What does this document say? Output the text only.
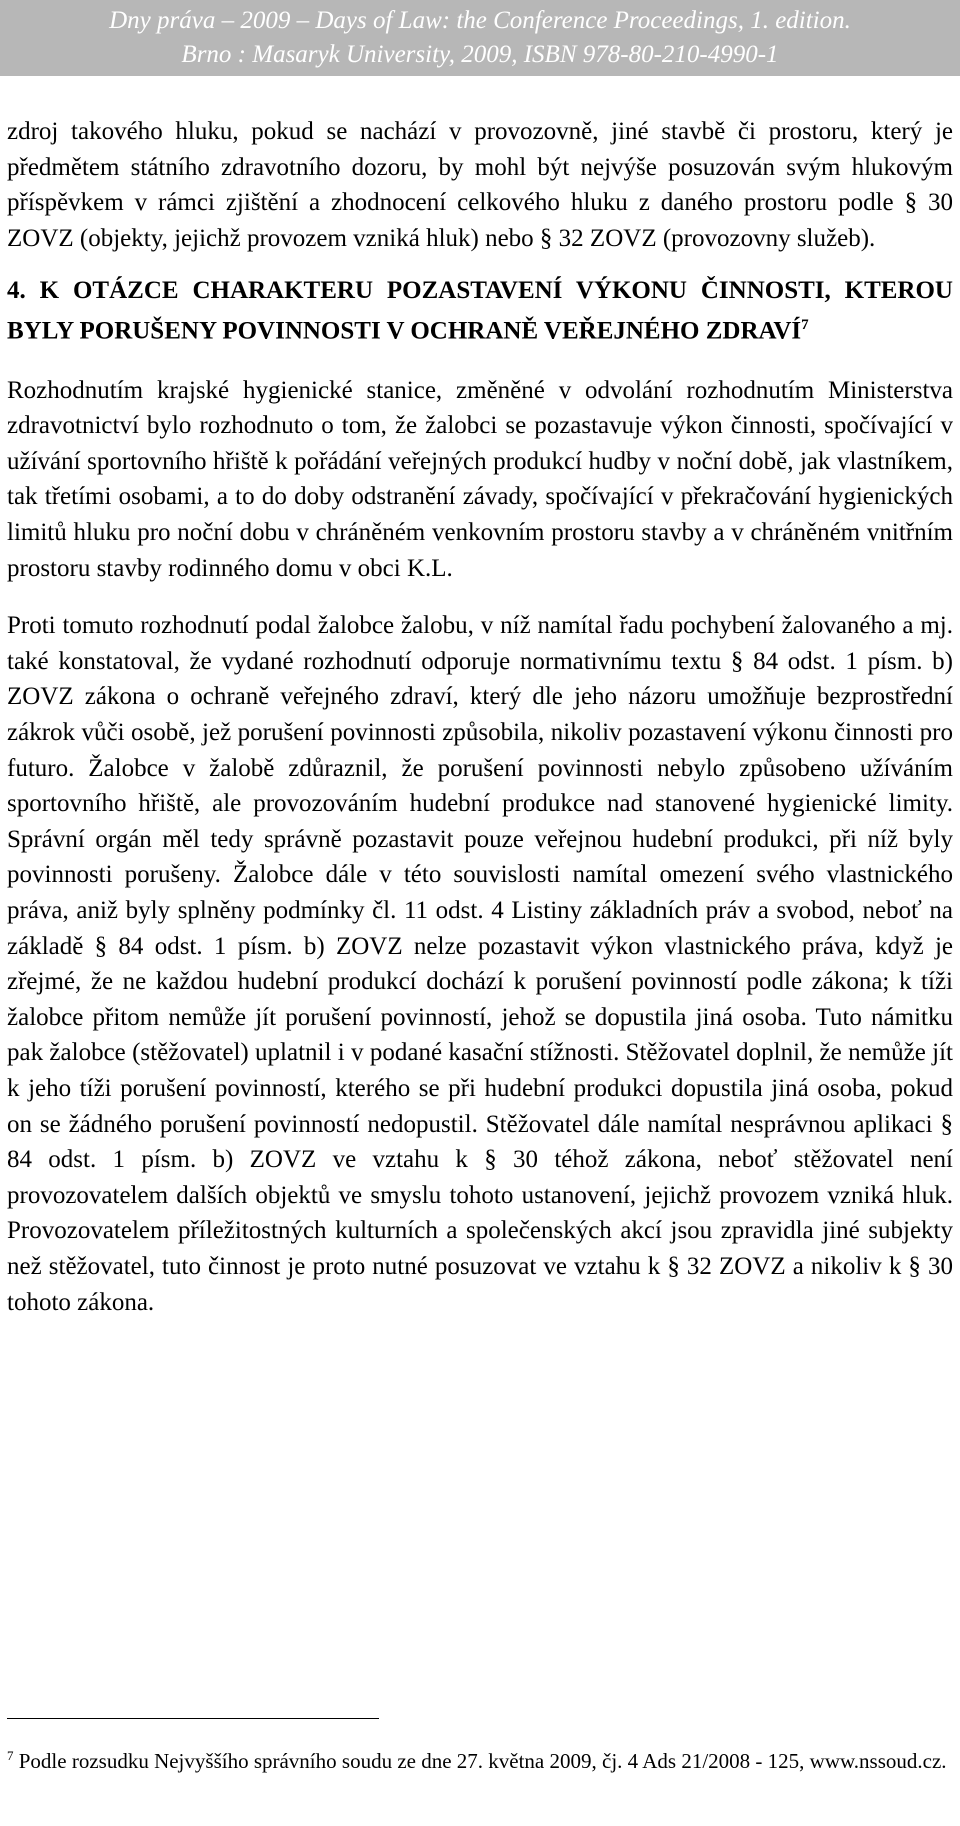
Dny práva – 2009 – Days of Law: the Conference Proceedings, 1. edition.
Brno : Masaryk University, 2009, ISBN 978-80-210-4990-1

zdroj takového hluku, pokud se nachází v provozovně, jiné stavbě či prostoru, který je předmětem státního zdravotního dozoru, by mohl být nejvýše posuzován svým hlukovým příspěvkem v rámci zjištění a zhodnocení celkového hluku z daného prostoru podle § 30 ZOVZ (objekty, jejichž provozem vzniká hluk) nebo § 32 ZOVZ (provozovny služeb).

4. K OTÁZCE CHARAKTERU POZASTAVENÍ VÝKONU ČINNOSTI, KTEROU BYLY PORUŠENY POVINNOSTI V OCHRANĚ VEŘEJNÉHO ZDRAVÍ$^7$

Rozhodnutím krajské hygienické stanice, změněné v odvolání rozhodnutím Ministerstva zdravotnictví bylo rozhodnuto o tom, že žalobci se pozastavuje výkon činnosti, spočívající v užívání sportovního hřiště k pořádání veřejných produkcí hudby v noční době, jak vlastníkem, tak třetími osobami, a to do doby odstranění závady, spočívající v překračování hygienických limitů hluku pro noční dobu v chráněném venkovním prostoru stavby a v chráněném vnitřním prostoru stavby rodinného domu v obci K.L.

Proti tomuto rozhodnutí podal žalobce žalobu, v níž namítal řadu pochybení žalovaného a mj. také konstatoval, že vydané rozhodnutí odporuje normativnímu textu § 84 odst. 1 písm. b) ZOVZ zákona o ochraně veřejného zdraví, který dle jeho názoru umožňuje bezprostřední zákrok vůči osobě, jež porušení povinnosti způsobila, nikoliv pozastavení výkonu činnosti pro futuro. Žalobce v žalobě zdůraznil, že porušení povinnosti nebylo způsobeno užíváním sportovního hřiště, ale provozováním hudební produkce nad stanovené hygienické limity. Správní orgán měl tedy správně pozastavit pouze veřejnou hudební produkci, při níž byly povinnosti porušeny. Žalobce dále v této souvislosti namítal omezení svého vlastnického práva, aniž byly splněny podmínky čl. 11 odst. 4 Listiny základních práv a svobod, neboť na základě § 84 odst. 1 písm. b) ZOVZ nelze pozastavit výkon vlastnického práva, když je zřejmé, že ne každou hudební produkcí dochází k porušení povinností podle zákona; k tíži žalobce přitom nemůže jít porušení povinností, jehož se dopustila jiná osoba. Tuto námitku pak žalobce (stěžovatel) uplatnil i v podané kasační stížnosti. Stěžovatel doplnil, že nemůže jít k jeho tíži porušení povinností, kterého se při hudební produkci dopustila jiná osoba, pokud on se žádného porušení povinností nedopustil. Stěžovatel dále namítal nesprávnou aplikaci § 84 odst. 1 písm. b) ZOVZ ve vztahu k § 30 téhož zákona, neboť stěžovatel není provozovatelem dalších objektů ve smyslu tohoto ustanovení, jejichž provozem vzniká hluk. Provozovatelem příležitostných kulturních a společenských akcí jsou zpravidla jiné subjekty než stěžovatel, tuto činnost je proto nutné posuzovat ve vztahu k § 32 ZOVZ a nikoliv k § 30 tohoto zákona.

$^7$ Podle rozsudku Nejvyššího správního soudu ze dne 27. května 2009, čj. 4 Ads 21/2008 - 125, www.nssoud.cz.
